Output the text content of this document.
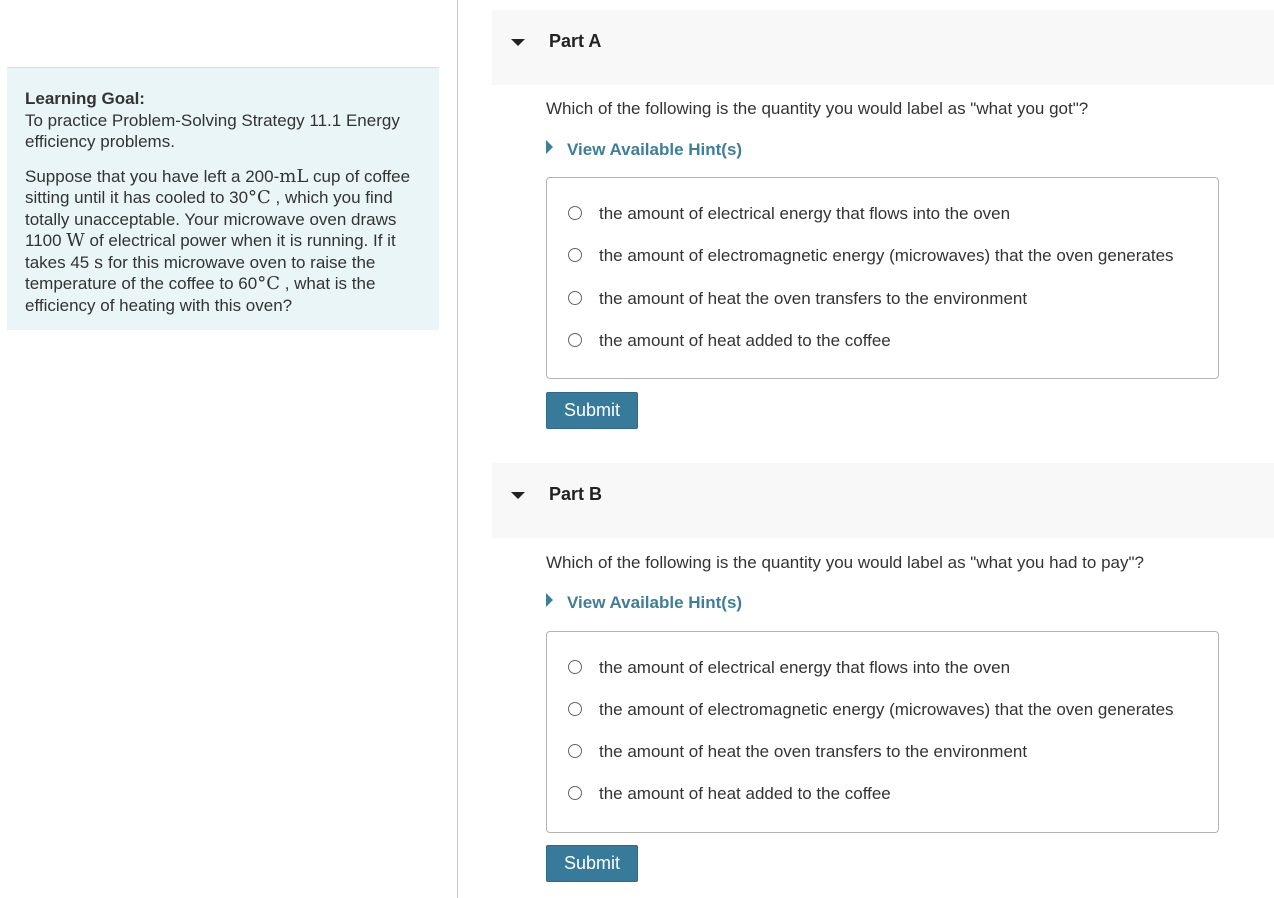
Learning Goal:

To practice Problem-Solving Strategy 11.1 Energy efficiency problems.

Suppose that you have left a 200-mL cup of coffee sitting until it has cooled to 30°C , which you find totally unacceptable. Your microwave oven draws 1100 W of electrical power when it is running. If it takes 45 s for this microwave oven to raise the temperature of the coffee to 60°C , what is the efficiency of heating with this oven?

Part A
Which of the following is the quantity you would label as "what you got"?
View Available Hint(s)
the amount of electrical energy that flows into the oven
the amount of electromagnetic energy (microwaves) that the oven generates
the amount of heat the oven transfers to the environment
the amount of heat added to the coffee
Submit
Part B
Which of the following is the quantity you would label as "what you had to pay"?
View Available Hint(s)
the amount of electrical energy that flows into the oven
the amount of electromagnetic energy (microwaves) that the oven generates
the amount of heat the oven transfers to the environment
the amount of heat added to the coffee
Submit
